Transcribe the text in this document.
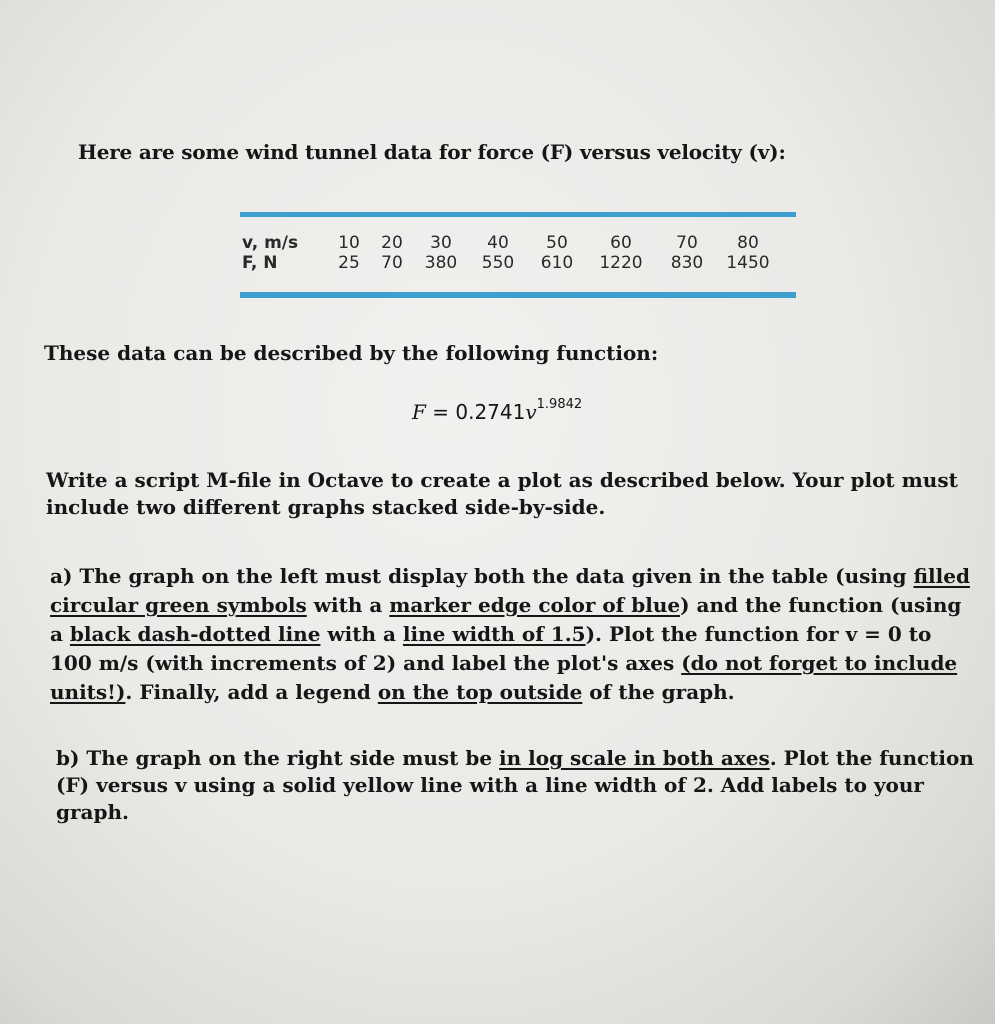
Here are some wind tunnel data for force (F) versus velocity (v):
v, m/s	10	20	30	40	50	60	70	80
F, N	25	70	380	550	610	1220	830	1450
These data can be described by the following function:
$F = 0.2741v^{1.9842}$
Write a script M-file in Octave to create a plot as described below. Your plot must include two different graphs stacked side-by-side.
a) The graph on the left must display both the data given in the table (using filled circular green symbols with a marker edge color of blue) and the function (using a black dash-dotted line with a line width of 1.5). Plot the function for v = 0 to 100 m/s (with increments of 2) and label the plot's axes (do not forget to include units!). Finally, add a legend on the top outside of the graph.
b) The graph on the right side must be in log scale in both axes. Plot the function (F) versus v using a solid yellow line with a line width of 2. Add labels to your graph.
